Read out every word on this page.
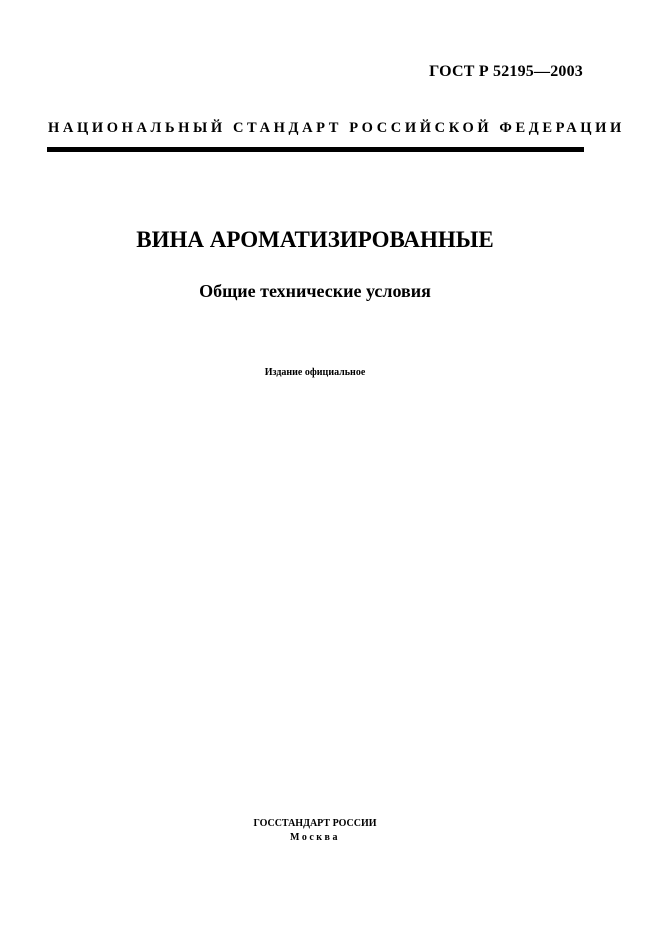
ГОСТ Р 52195—2003
НАЦИОНАЛЬНЫЙ СТАНДАРТ РОССИЙСКОЙ ФЕДЕРАЦИИ
ВИНА АРОМАТИЗИРОВАННЫЕ
Общие технические условия
Издание официальное
ГОССТАНДАРТ РОССИИ
Москва
